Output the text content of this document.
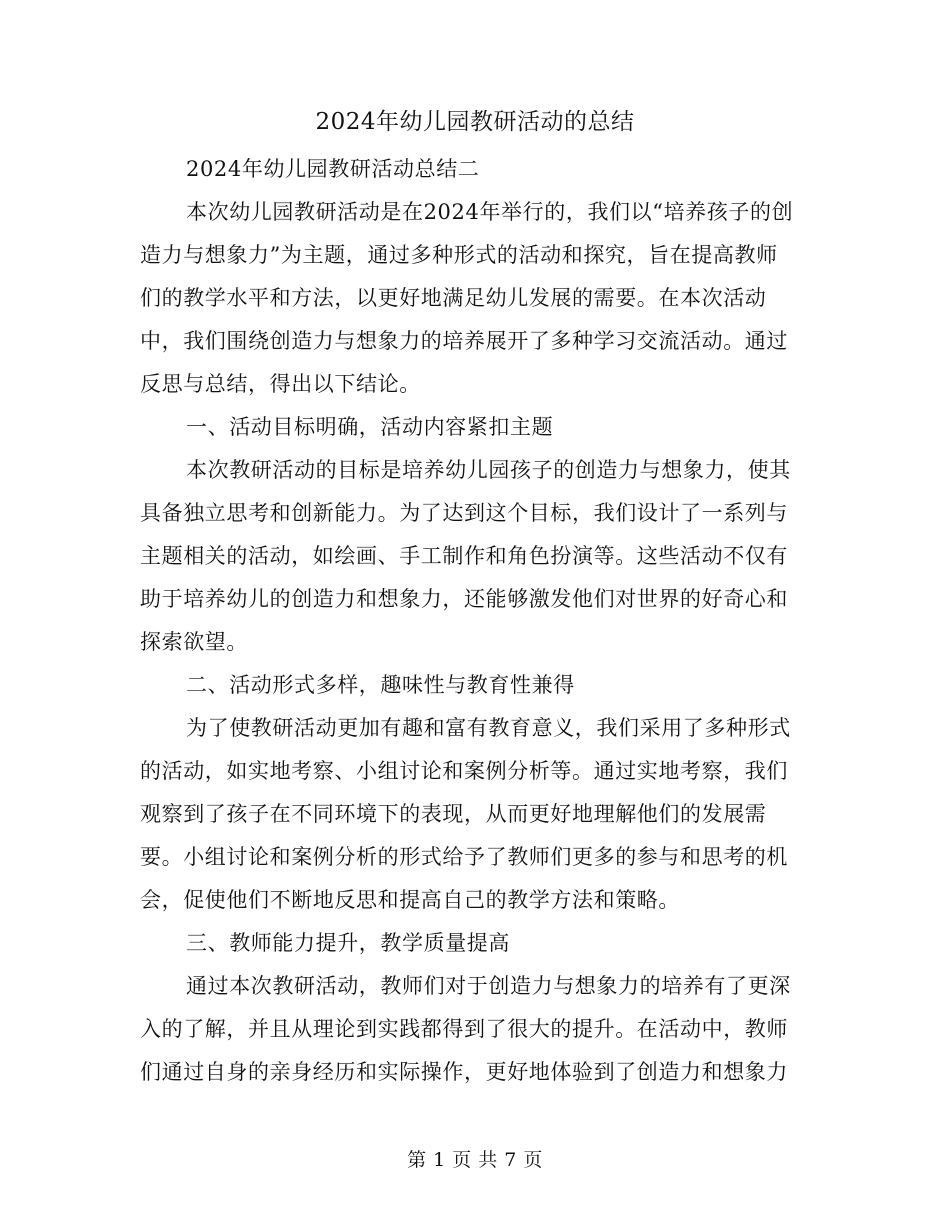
2024年幼儿园教研活动的总结
2024年幼儿园教研活动总结二
本次幼儿园教研活动是在2024年举行的，我们以“培养孩子的创
造力与想象力”为主题，通过多种形式的活动和探究，旨在提高教师
们的教学水平和方法，以更好地满足幼儿发展的需要。在本次活动
中，我们围绕创造力与想象力的培养展开了多种学习交流活动。通过
反思与总结，得出以下结论。
一、活动目标明确，活动内容紧扣主题
本次教研活动的目标是培养幼儿园孩子的创造力与想象力，使其
具备独立思考和创新能力。为了达到这个目标，我们设计了一系列与
主题相关的活动，如绘画、手工制作和角色扮演等。这些活动不仅有
助于培养幼儿的创造力和想象力，还能够激发他们对世界的好奇心和
探索欲望。
二、活动形式多样，趣味性与教育性兼得
为了使教研活动更加有趣和富有教育意义，我们采用了多种形式
的活动，如实地考察、小组讨论和案例分析等。通过实地考察，我们
观察到了孩子在不同环境下的表现，从而更好地理解他们的发展需
要。小组讨论和案例分析的形式给予了教师们更多的参与和思考的机
会，促使他们不断地反思和提高自己的教学方法和策略。
三、教师能力提升，教学质量提高
通过本次教研活动，教师们对于创造力与想象力的培养有了更深
入的了解，并且从理论到实践都得到了很大的提升。在活动中，教师
们通过自身的亲身经历和实际操作，更好地体验到了创造力和想象力
第 1 页 共 7 页
